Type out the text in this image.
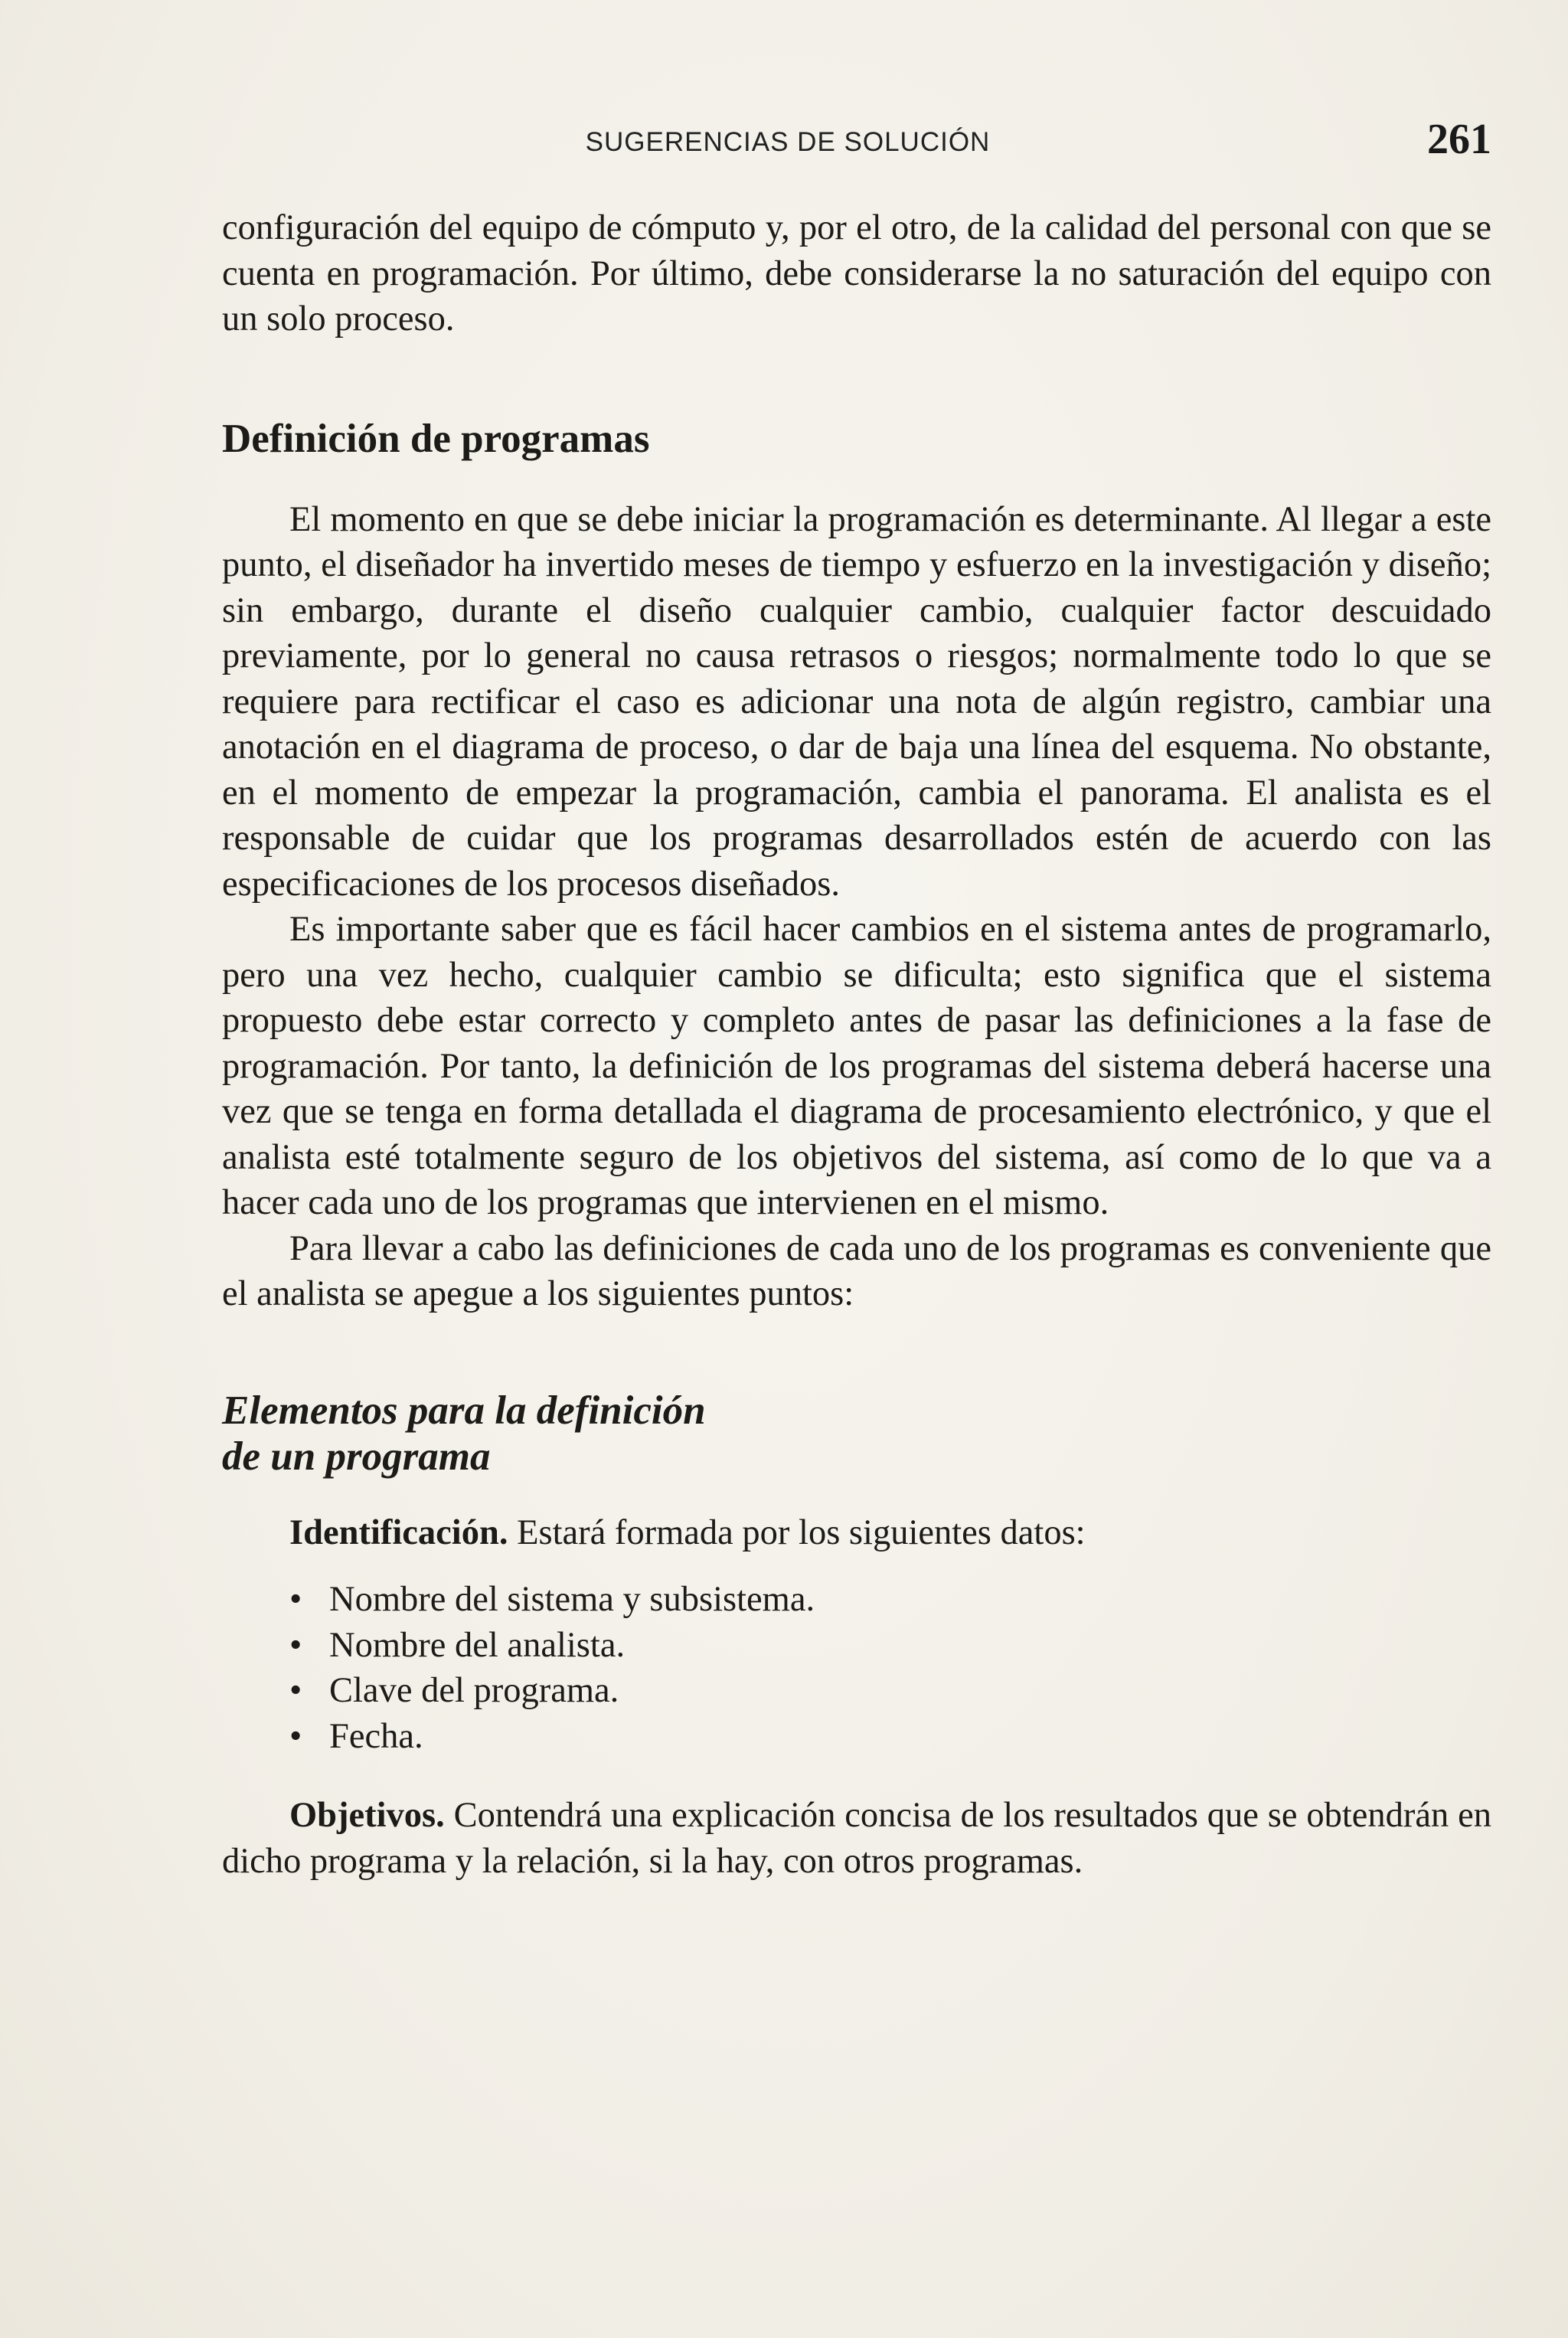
SUGERENCIAS DE SOLUCIÓN	261

configuración del equipo de cómputo y, por el otro, de la calidad del personal con que se cuenta en programación. Por último, debe considerarse la no saturación del equipo con un solo proceso.

Definición de programas

El momento en que se debe iniciar la programación es determinante. Al llegar a este punto, el diseñador ha invertido meses de tiempo y esfuerzo en la investigación y diseño; sin embargo, durante el diseño cualquier cambio, cualquier factor descuidado previamente, por lo general no causa retrasos o riesgos; normalmente todo lo que se requiere para rectificar el caso es adicionar una nota de algún registro, cambiar una anotación en el diagrama de proceso, o dar de baja una línea del esquema. No obstante, en el momento de empezar la programación, cambia el panorama. El analista es el responsable de cuidar que los programas desarrollados estén de acuerdo con las especificaciones de los procesos diseñados.

Es importante saber que es fácil hacer cambios en el sistema antes de programarlo, pero una vez hecho, cualquier cambio se dificulta; esto significa que el sistema propuesto debe estar correcto y completo antes de pasar las definiciones a la fase de programación. Por tanto, la definición de los programas del sistema deberá hacerse una vez que se tenga en forma detallada el diagrama de procesamiento electrónico, y que el analista esté totalmente seguro de los objetivos del sistema, así como de lo que va a hacer cada uno de los programas que intervienen en el mismo.

Para llevar a cabo las definiciones de cada uno de los programas es conveniente que el analista se apegue a los siguientes puntos:

Elementos para la definición
de un programa

Identificación. Estará formada por los siguientes datos:

• Nombre del sistema y subsistema.
• Nombre del analista.
• Clave del programa.
• Fecha.

Objetivos. Contendrá una explicación concisa de los resultados que se obtendrán en dicho programa y la relación, si la hay, con otros programas.
